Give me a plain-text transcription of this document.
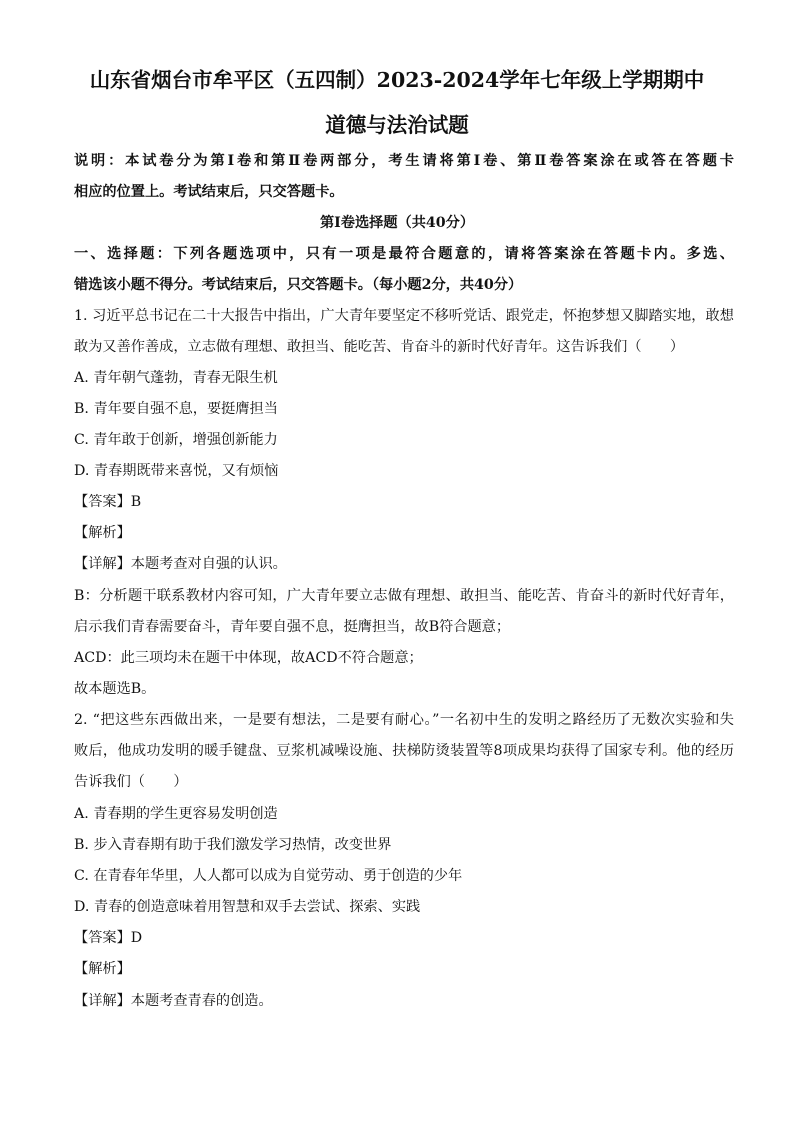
山东省烟台市牟平区（五四制）2023-2024学年七年级上学期期中
道德与法治试题
说明：本试卷分为第Ⅰ卷和第Ⅱ卷两部分，考生请将第Ⅰ卷、第Ⅱ卷答案涂在或答在答题卡
相应的位置上。考试结束后，只交答题卡。
第Ⅰ卷选择题（共40分）
一、选择题：下列各题选项中，只有一项是最符合题意的，请将答案涂在答题卡内。多选、
错选该小题不得分。考试结束后，只交答题卡。（每小题2分，共40分）
1. 习近平总书记在二十大报告中指出，广大青年要坚定不移听党话、跟党走，怀抱梦想又脚踏实地，敢想
敢为又善作善成，立志做有理想、敢担当、能吃苦、肯奋斗的新时代好青年。这告诉我们（　　）
A. 青年朝气蓬勃，青春无限生机
B. 青年要自强不息，要挺膺担当
C. 青年敢于创新，增强创新能力
D. 青春期既带来喜悦，又有烦恼
【答案】B
【解析】
【详解】本题考查对自强的认识。
B：分析题干联系教材内容可知，广大青年要立志做有理想、敢担当、能吃苦、肯奋斗的新时代好青年，
启示我们青春需要奋斗，青年要自强不息，挺膺担当，故B符合题意；
ACD：此三项均未在题干中体现，故ACD不符合题意；
故本题选B。
2. “把这些东西做出来，一是要有想法，二是要有耐心。”一名初中生的发明之路经历了无数次实验和失
败后，他成功发明的暖手键盘、豆浆机减噪设施、扶梯防烫装置等8项成果均获得了国家专利。他的经历
告诉我们（　　）
A. 青春期的学生更容易发明创造
B. 步入青春期有助于我们激发学习热情，改变世界
C. 在青春年华里，人人都可以成为自觉劳动、勇于创造的少年
D. 青春的创造意味着用智慧和双手去尝试、探索、实践
【答案】D
【解析】
【详解】本题考查青春的创造。
